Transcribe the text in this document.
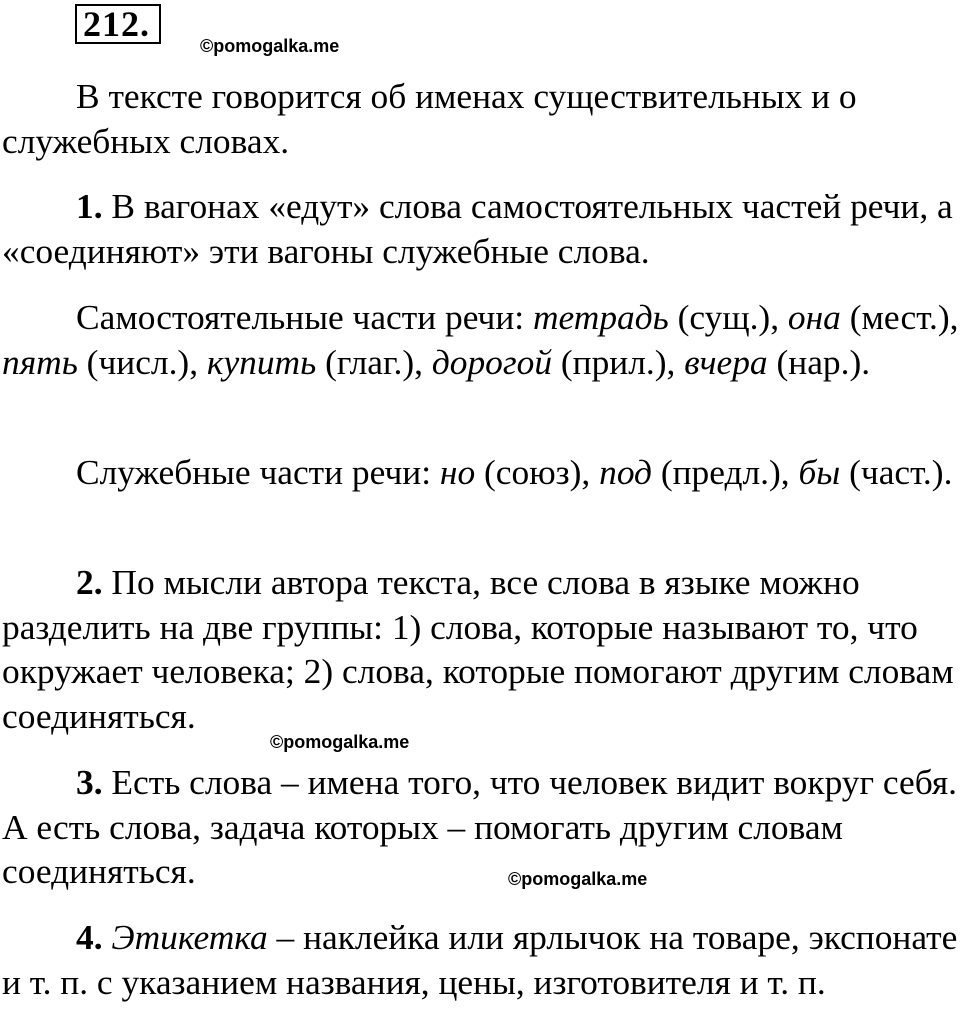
212.
©pomogalka.me

В тексте говорится об именах существительных и о служебных словах.

1. В вагонах «едут» слова самостоятельных частей речи, а «соединяют» эти вагоны служебные слова.

Самостоятельные части речи: тетрадь (сущ.), она (мест.), пять (числ.), купить (глаг.), дорогой (прил.), вчера (нар.).

Служебные части речи: но (союз), под (предл.), бы (част.).

2. По мысли автора текста, все слова в языке можно разделить на две группы: 1) слова, которые называют то, что окружает человека; 2) слова, которые помогают другим словам соединяться.

©pomogalka.me

3. Есть слова – имена того, что человек видит вокруг себя. А есть слова, задача которых – помогать другим словам соединяться.	©pomogalka.me

4. Этикетка – наклейка или ярлычок на товаре, экспонате и т. п. с указанием названия, цены, изготовителя и т. п.
